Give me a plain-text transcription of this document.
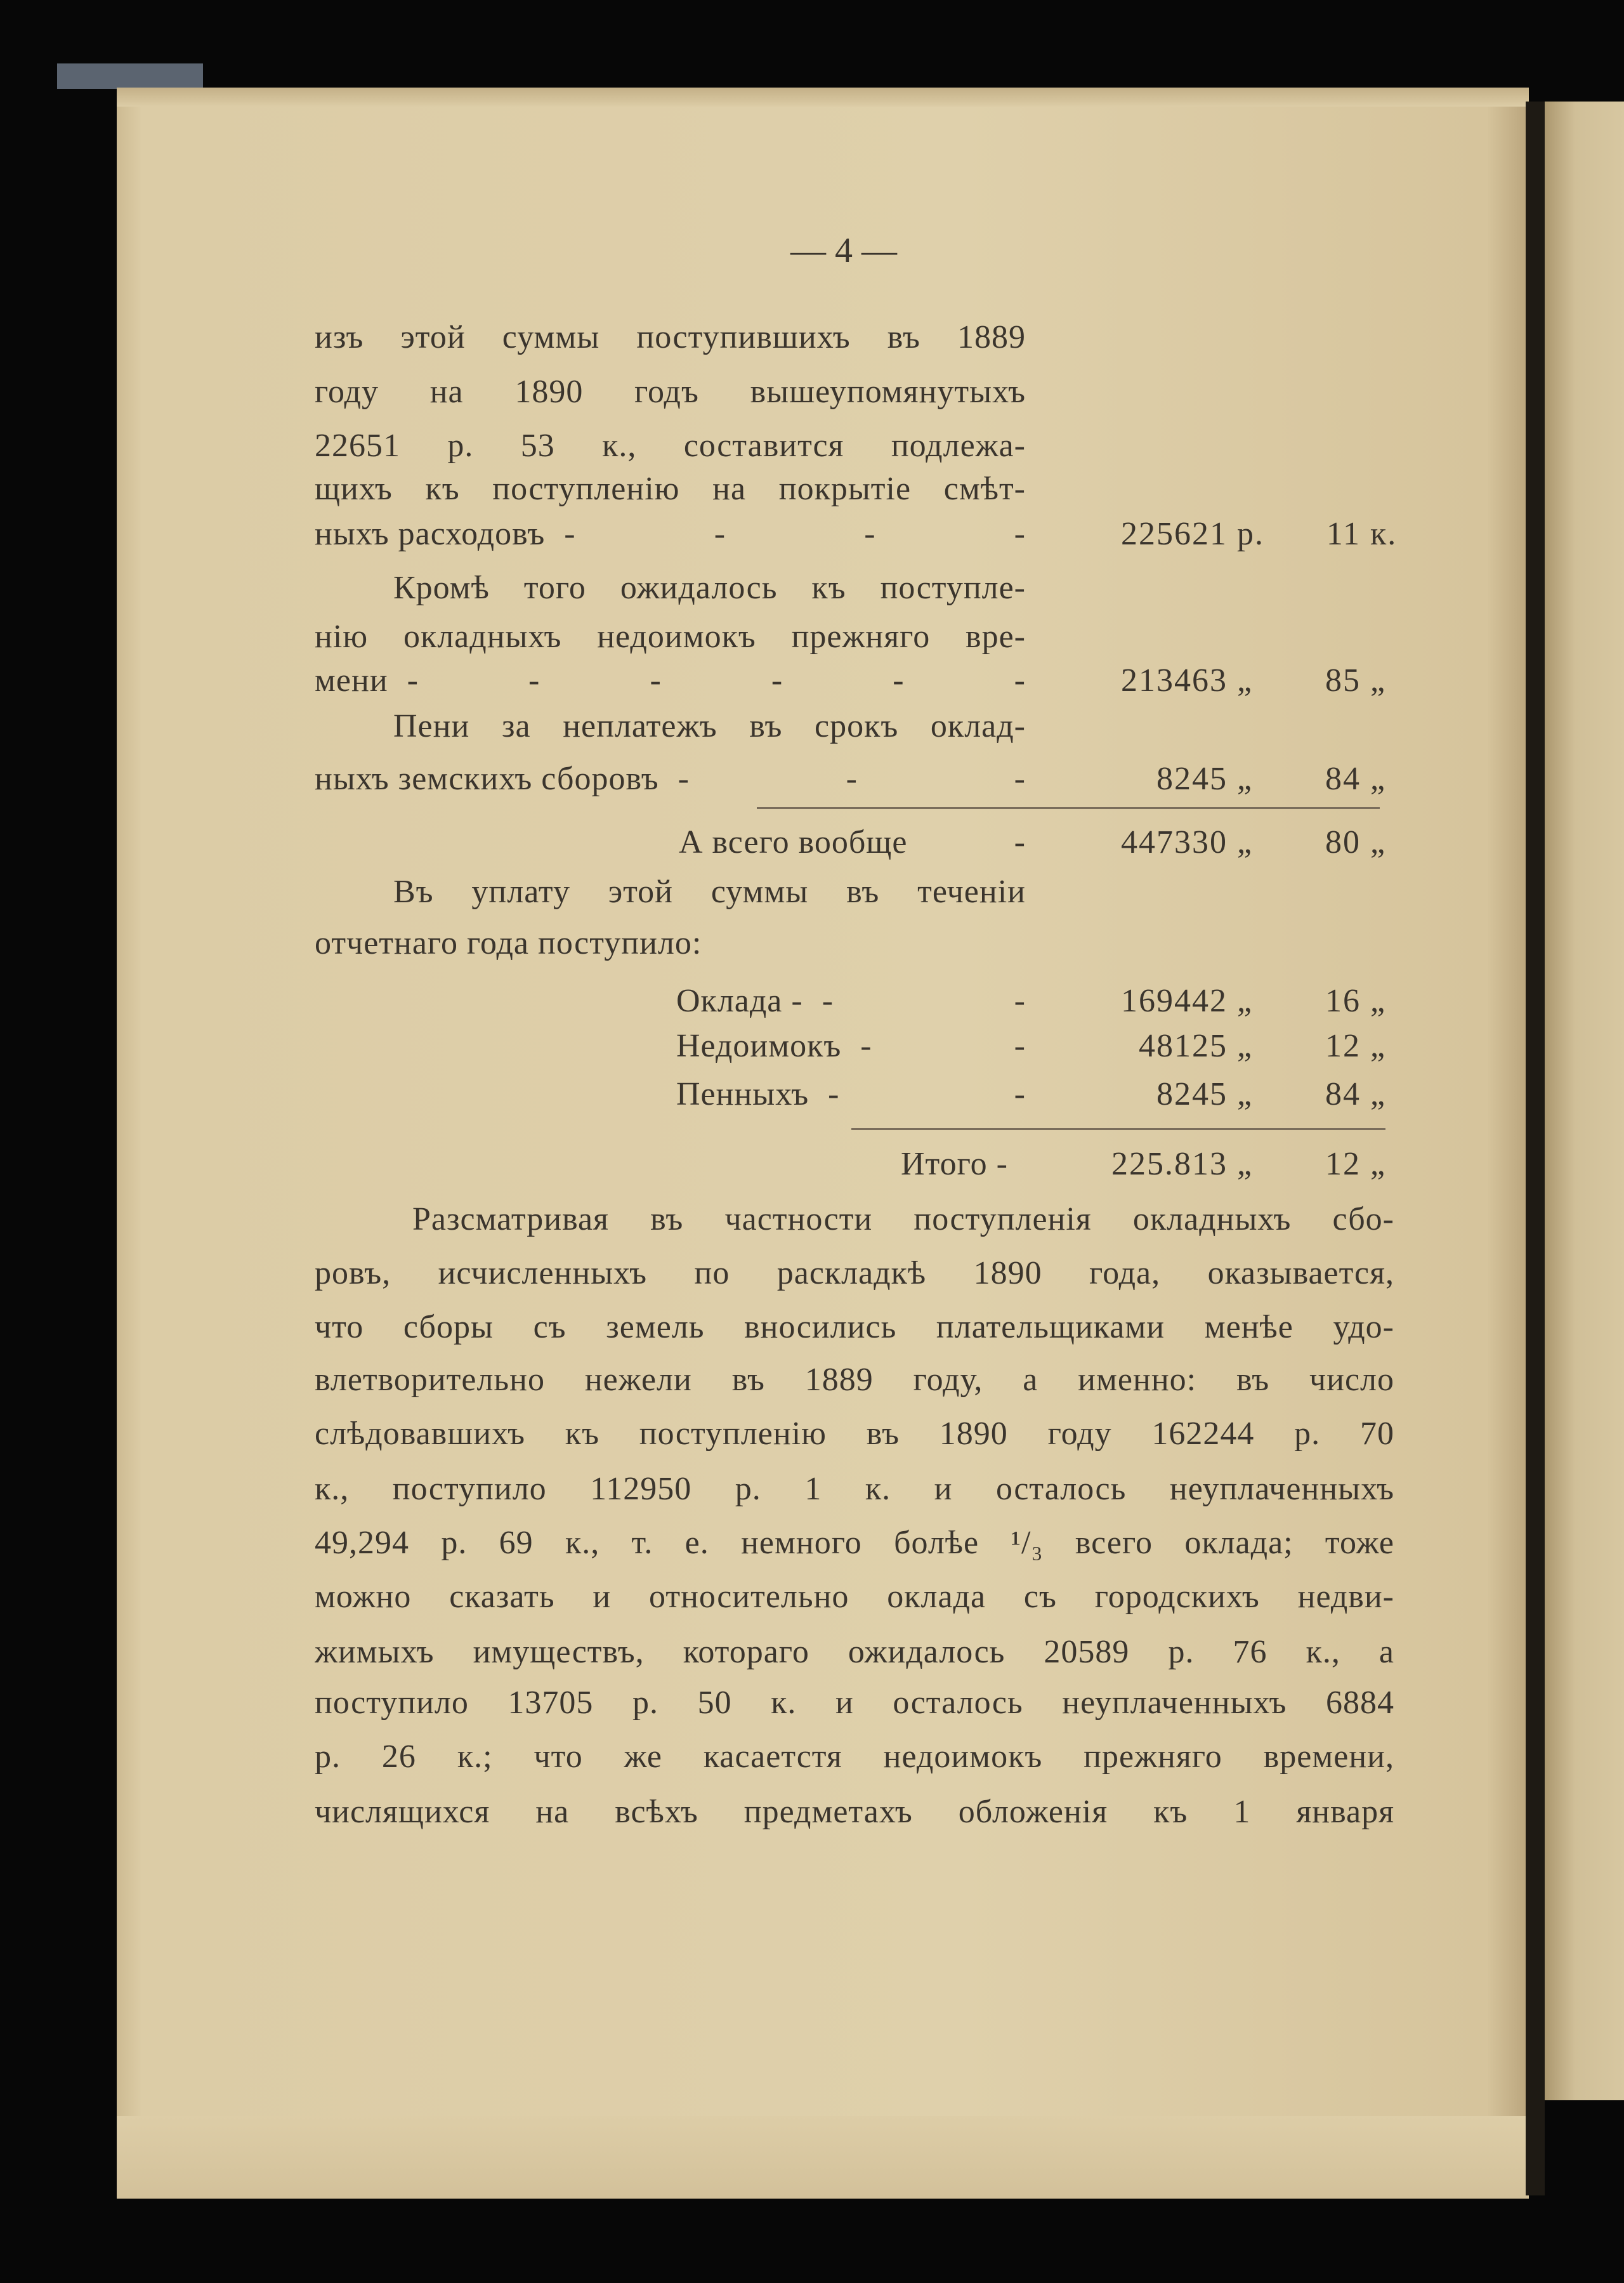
— 4 —
изъ этой суммы поступившихъ въ 1889
году на 1890 годъ вышеупомянутыхъ
22651 р. 53 к., составится подлежа-
щихъ къ поступленію на покрытіе смѣт-
ныхъ расходовъ - - - -	225621 р. 11 к.
Кромѣ того ожидалось къ поступле-
нію окладныхъ недоимокъ прежняго вре-
мени - - - - - -	213463 „ 85 „
Пени за неплатежъ въ срокъ оклад-
ныхъ земскихъ сборовъ - - -	8245 „ 84 „
А всего вообще	-	447330 „ 80 „
Въ уплату этой суммы въ теченіи
отчетнаго года поступило:
Оклада - - -	169442 „ 16 „
Недоимокъ - -	48125 „ 12 „
Пенныхъ - -	8245 „ 84 „
Итого -	225.813 „ 12 „
Разсматривая въ частности поступленія окладныхъ сбо-
ровъ, исчисленныхъ по раскладкѣ 1890 года, оказывается,
что сборы съ земель вносились плательщиками менѣе удо-
влетворительно нежели въ 1889 году, а именно: въ число
слѣдовавшихъ къ поступленію въ 1890 году 162244 р. 70
к., поступило 112950 р. 1 к. и осталось неуплаченныхъ
49,294 р. 69 к., т. е. немного болѣе ¹/₃ всего оклада; тоже
можно сказать и относительно оклада съ городскихъ недви-
жимыхъ имуществъ, котораго ожидалось 20589 р. 76 к., а
поступило 13705 р. 50 к. и осталось неуплаченныхъ 6884
р. 26 к.; что же касаетстя недоимокъ прежняго времени,
числящихся на всѣхъ предметахъ обложенія къ 1 января
